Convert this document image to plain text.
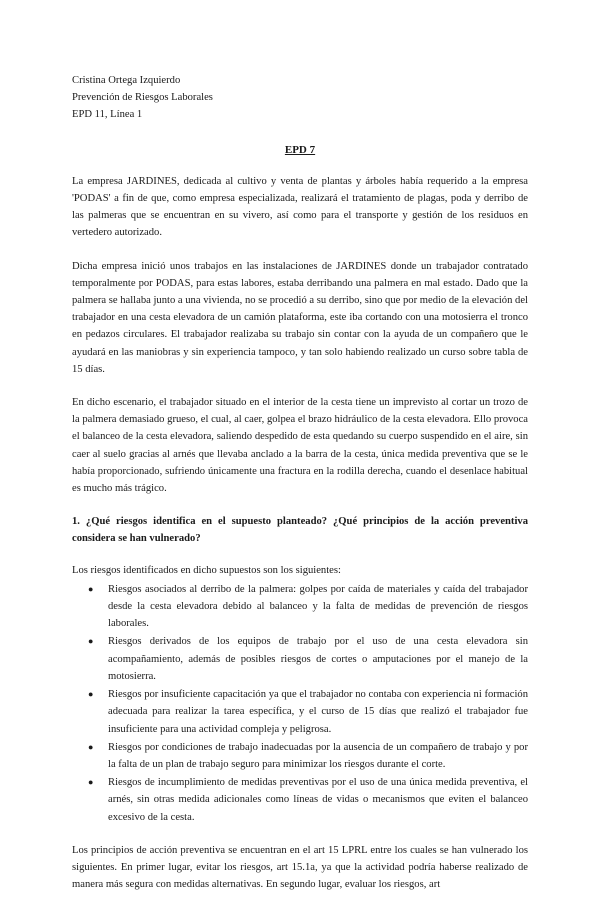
Cristina Ortega Izquierdo
Prevención de Riesgos Laborales
EPD 11, Línea 1
EPD 7

La empresa JARDINES, dedicada al cultivo y venta de plantas y árboles había requerido a la empresa 'PODAS' a fin de que, como empresa especializada, realizará el tratamiento de plagas, poda y derribo de las palmeras que se encuentran en su vivero, así como para el transporte y gestión de los residuos en vertedero autorizado.

Dicha empresa inició unos trabajos en las instalaciones de JARDINES donde un trabajador contratado temporalmente por PODAS, para estas labores, estaba derribando una palmera en mal estado. Dado que la palmera se hallaba junto a una vivienda, no se procedió a su derribo, sino que por medio de la elevación del trabajador en una cesta elevadora de un camión plataforma, este iba cortando con una motosierra el tronco en pedazos circulares. El trabajador realizaba su trabajo sin contar con la ayuda de un compañero que le ayudará en las maniobras y sin experiencia tampoco, y tan solo habiendo realizado un curso sobre tabla de 15 días.

En dicho escenario, el trabajador situado en el interior de la cesta tiene un imprevisto al cortar un trozo de la palmera demasiado grueso, el cual, al caer, golpea el brazo hidráulico de la cesta elevadora. Ello provoca el balanceo de la cesta elevadora, saliendo despedido de esta quedando su cuerpo suspendido en el aire, sin caer al suelo gracias al arnés que llevaba anclado a la barra de la cesta, única medida preventiva que se le había proporcionado, sufriendo únicamente una fractura en la rodilla derecha, cuando el desenlace habitual es mucho más trágico.

1. ¿Qué riesgos identifica en el supuesto planteado? ¿Qué principios de la acción preventiva considera se han vulnerado?
Los riesgos identificados en dicho supuestos son los siguientes:
● Riesgos asociados al derribo de la palmera: golpes por caída de materiales y caída del trabajador desde la cesta elevadora debido al balanceo y la falta de medidas de prevención de riesgos laborales.
● Riesgos derivados de los equipos de trabajo por el uso de una cesta elevadora sin acompañamiento, además de posibles riesgos de cortes o amputaciones por el manejo de la motosierra.
● Riesgos por insuficiente capacitación ya que el trabajador no contaba con experiencia ni formación adecuada para realizar la tarea específica, y el curso de 15 días que realizó el trabajador fue insuficiente para una actividad compleja y peligrosa.
● Riesgos por condiciones de trabajo inadecuadas por la ausencia de un compañero de trabajo y por la falta de un plan de trabajo seguro para minimizar los riesgos durante el corte.
● Riesgos de incumplimiento de medidas preventivas por el uso de una única medida preventiva, el arnés, sin otras medida adicionales como líneas de vidas o mecanismos que eviten el balanceo excesivo de la cesta.

Los principios de acción preventiva se encuentran en el art 15 LPRL entre los cuales se han vulnerado los siguientes. En primer lugar, evitar los riesgos, art 15.1a, ya que la actividad podría haberse realizado de manera más segura con medidas alternativas. En segundo lugar, evaluar los riesgos, art
